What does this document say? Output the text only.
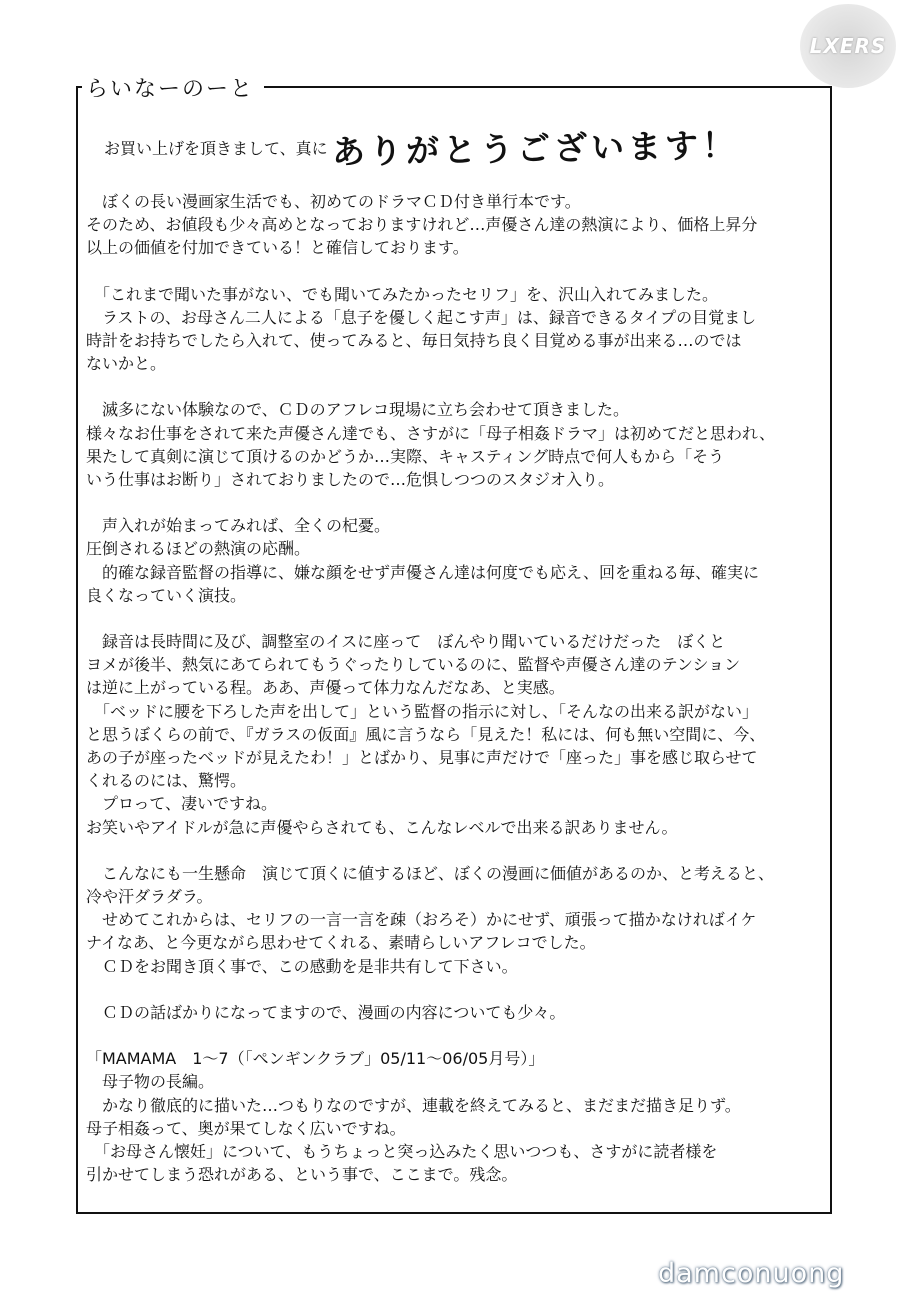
LXERS
らいなーのーと
お買い上げを頂きまして、真に ありがとうございます！

　ぼくの長い漫画家生活でも、初めてのドラマＣＤ付き単行本です。

そのため、お値段も少々高めとなっておりますけれど…声優さん達の熱演により、価格上昇分

以上の価値を付加できている！と確信しております。

　「これまで聞いた事がない、でも聞いてみたかったセリフ」を、沢山入れてみました。

　ラストの、お母さん二人による「息子を優しく起こす声」は、録音できるタイプの目覚まし

時計をお持ちでしたら入れて、使ってみると、毎日気持ち良く目覚める事が出来る…のでは

ないかと。

　滅多にない体験なので、ＣＤのアフレコ現場に立ち会わせて頂きました。

様々なお仕事をされて来た声優さん達でも、さすがに「母子相姦ドラマ」は初めてだと思われ、

果たして真剣に演じて頂けるのかどうか…実際、キャスティング時点で何人もから「そう

いう仕事はお断り」されておりましたので…危惧しつつのスタジオ入り。

　声入れが始まってみれば、全くの杞憂。

圧倒されるほどの熱演の応酬。

　的確な録音監督の指導に、嫌な顔をせず声優さん達は何度でも応え、回を重ねる毎、確実に

良くなっていく演技。

　録音は長時間に及び、調整室のイスに座って　ぼんやり聞いているだけだった　ぼくと

ヨメが後半、熱気にあてられてもうぐったりしているのに、監督や声優さん達のテンション

は逆に上がっている程。ああ、声優って体力なんだなあ、と実感。

　「ベッドに腰を下ろした声を出して」という監督の指示に対し、「そんなの出来る訳がない」

と思うぼくらの前で、『ガラスの仮面』風に言うなら「見えた！私には、何も無い空間に、今、

あの子が座ったベッドが見えたわ！」とばかり、見事に声だけで「座った」事を感じ取らせて

くれるのには、驚愕。

　プロって、凄いですね。

お笑いやアイドルが急に声優やらされても、こんなレベルで出来る訳ありません。

　こんなにも一生懸命　演じて頂くに値するほど、ぼくの漫画に価値があるのか、と考えると、

冷や汗ダラダラ。

　せめてこれからは、セリフの一言一言を疎（おろそ）かにせず、頑張って描かなければイケ

ナイなあ、と今更ながら思わせてくれる、素晴らしいアフレコでした。

　ＣＤをお聞き頂く事で、この感動を是非共有して下さい。

　ＣＤの話ばかりになってますので、漫画の内容についても少々。

「MAMAMA　1〜7（「ペンギンクラブ」05/11〜06/05月号）」

　母子物の長編。

　かなり徹底的に描いた…つもりなのですが、連載を終えてみると、まだまだ描き足りず。

母子相姦って、奥が果てしなく広いですね。

　「お母さん懐妊」について、もうちょっと突っ込みたく思いつつも、さすがに読者様を

引かせてしまう恐れがある、という事で、ここまで。残念。

damconuong
